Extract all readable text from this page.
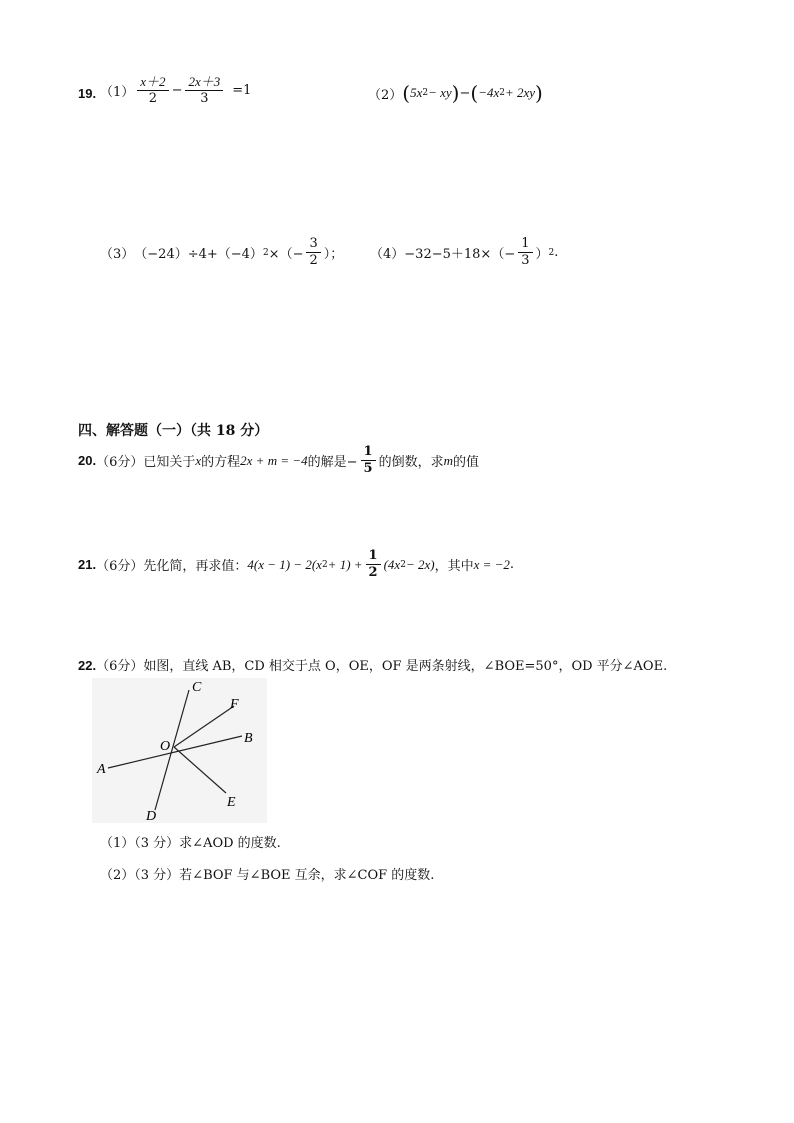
19. $(1) \frac{x+2}{2} - \frac{2x+3}{3} =1$	（2） ( 5x 2 − xy ) − ( −4x 2 + 2xy )
（3） （−24）÷4+（−4） 2 ×（− $\frac{3}{2}$ ）； $(4) -32-5+18\times(- \frac{1}{3}$ ） 2 .
四、解答题（一）（共 18 分）
20. （6分）已知关于 x 的方程 2x + m = −4 的解是− $\frac{1}{5}$ 的倒数，求 m 的值
21. （6分）先化简，再求值： 4(x − 1) − 2(x $2 + 1) + \frac{1}{2} (4x$ 2 − 2x) ，其中 x = −2 .
22.（6分）如图，直线 AB，CD 相交于点 O，OE，OF 是两条射线，∠BOE=50°，OD 平分∠AOE.
A
B
C
D
E
F
O
（1）（3 分）求∠AOD 的度数.
（2）（3 分）若∠BOF 与∠BOE 互余，求∠COF 的度数.
